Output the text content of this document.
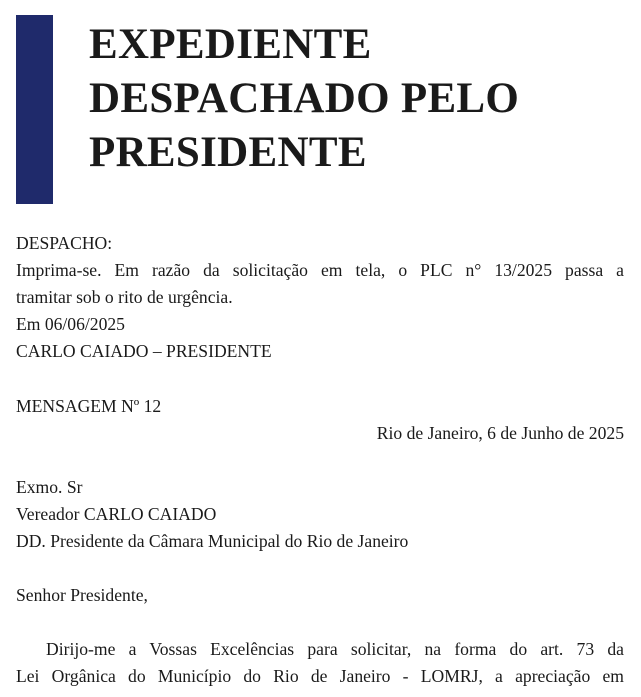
EXPEDIENTE
DESPACHADO PELO
PRESIDENTE
DESPACHO:
Imprima-se. Em razão da solicitação em tela, o PLC n° 13/2025 passa a
tramitar sob o rito de urgência.
Em 06/06/2025
CARLO CAIADO – PRESIDENTE
MENSAGEM Nº 12
Rio de Janeiro, 6 de Junho de 2025
Exmo. Sr
Vereador CARLO CAIADO
DD. Presidente da Câmara Municipal do Rio de Janeiro
Senhor Presidente,
Dirijo-me a Vossas Excelências para solicitar, na forma do art. 73 da
Lei Orgânica do Município do Rio de Janeiro - LOMRJ, a apreciação em
